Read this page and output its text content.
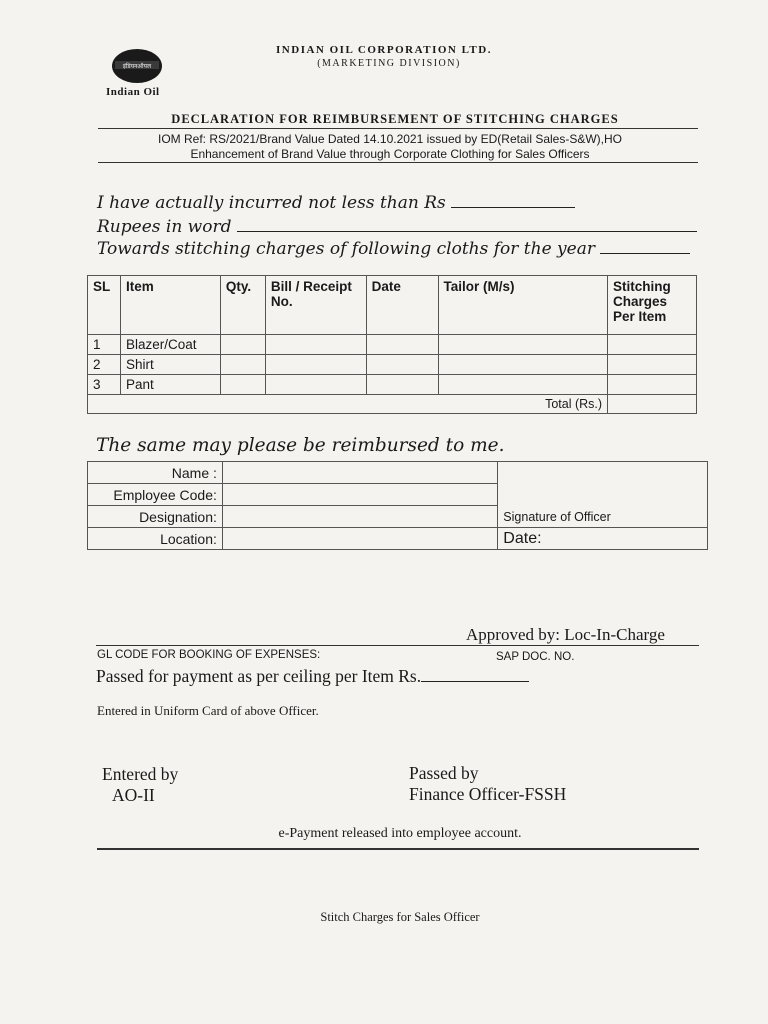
इंडियनऑयल
Indian Oil
INDIAN OIL CORPORATION LTD.
(MARKETING DIVISION)
DECLARATION FOR REIMBURSEMENT OF STITCHING CHARGES
IOM Ref: RS/2021/Brand Value Dated 14.10.2021 issued by ED(Retail Sales-S&W),HO
Enhancement of Brand Value through Corporate Clothing for Sales Officers
I have actually incurred not less than Rs
Rupees in word
Towards stitching charges of following cloths for the year
SL	Item	Qty.	Bill / Receipt No.	Date	Tailor (M/s)	Stitching Charges Per Item
1	Blazer/Coat					
2	Shirt					
3	Pant					
Total (Rs.)						
The same may please be reimbursed to me.
Name :		Signature of Officer
Employee Code:		
Designation:		
Location:		Date:
Approved by: Loc-In-Charge
GL CODE FOR BOOKING OF EXPENSES:	SAP DOC. NO.
Passed for payment as per ceiling per Item Rs.
Entered in Uniform Card of above Officer.
Entered by
AO-II
Passed by
Finance Officer-FSSH
e-Payment released into employee account.
Stitch Charges for Sales Officer
